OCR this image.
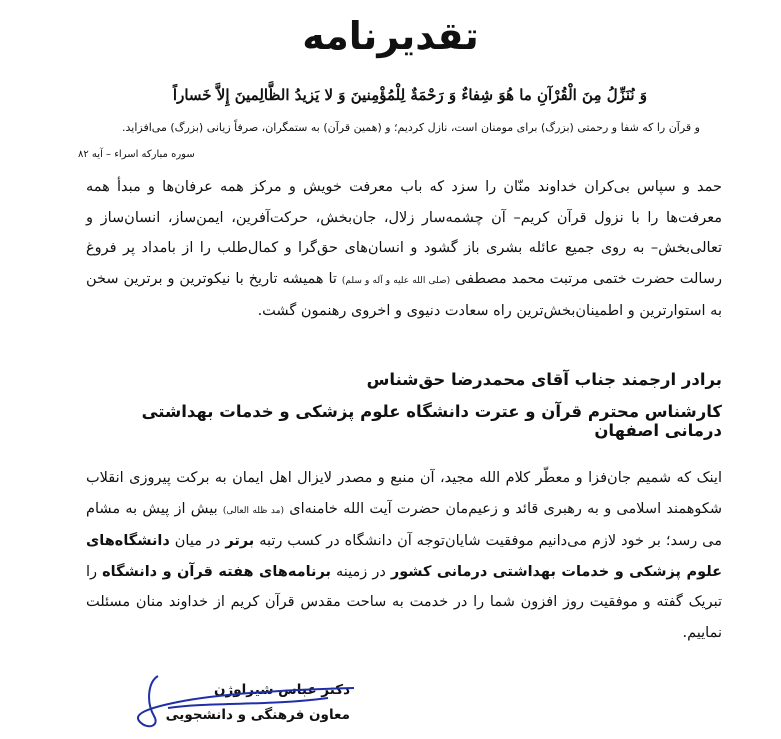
تقدیرنامه
وَ نُنَزِّلُ مِنَ الْقُرْآنِ ما هُوَ شِفاءٌ وَ رَحْمَةٌ لِلْمُؤْمِنينَ وَ لا يَزيدُ الظَّالِمينَ إِلاَّ خَساراً
و قرآن را كه شفا و رحمتی (بزرگ) برای مومنان است، نازل كرديم؛ و (همين قرآن) به ستمگران، صرفاً زيانی (بزرگ) می‌افزايد.
سوره مبارکه اسراء – آیه ۸۲
حمد و سپاس بی‌کران خداوند منّان را سزد که باب معرفت خویش و مرکز همه عرفان‌ها و مبدأ همه معرفت‌ها را با نزول قرآن کریم– آن چشمه‌سار زلال، جان‌بخش، حرکت‌آفرین، ایمن‌ساز، انسان‌ساز و تعالی‌بخش– به روی جمیع عائله بشری باز گشود و انسان‌های حق‌گرا و کمال‌طلب را از بامداد پر فروغ رسالت حضرت ختمی مرتبت محمد مصطفی (صلی الله علیه و آله و سلم) تا همیشه تاریخ با نیکوترین و برترین سخن به استوارترین و اطمینان‌بخش‌ترین راه سعادت دنیوی و اخروی رهنمون گشت.
برادر ارجمند جناب آقای محمدرضا حق‌شناس
کارشناس محترم قرآن و عترت دانشگاه علوم پزشکی و خدمات بهداشتی درمانی اصفهان
اینک که شمیم جان‌فزا و معطّر کلام الله مجید، آن منبع و مصدر لایزال اهل ایمان به برکت پیروزی انقلاب شکوهمند اسلامی و به رهبری قائد و زعیم‌مان حضرت آیت الله خامنه‌ای (مد ظله العالی) بیش از پیش به مشام می رسد؛ بر خود لازم می‌دانیم موفقیت شایان‌توجه آن دانشگاه در کسب رتبه برتر در میان دانشگاه‌های علوم پزشکی و خدمات بهداشتی درمانی کشور در زمینه برنامه‌های هفته قرآن و دانشگاه را تبریک گفته و موفقیت روز افزون شما را در خدمت به ساحت مقدس قرآن کریم از خداوند منان مسئلت نماییم.
دکتر عباس شیراوژن
معاون فرهنگی و دانشجویی
